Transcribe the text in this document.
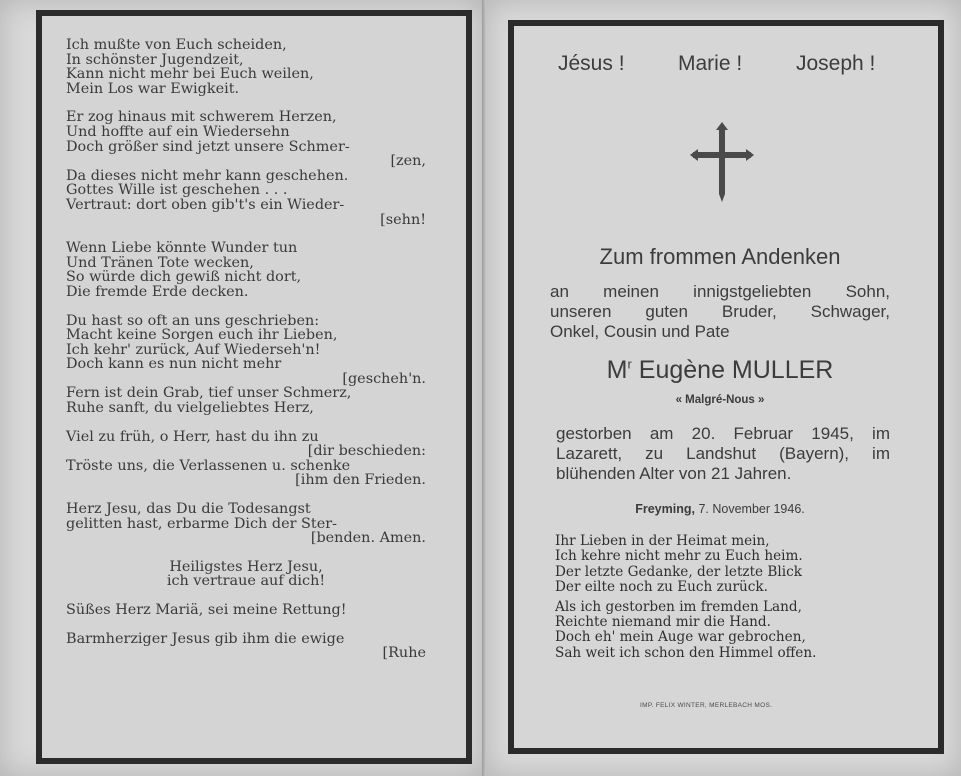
Ich mußte von Euch scheiden,
In schönster Jugendzeit,
Kann nicht mehr bei Euch weilen,
Mein Los war Ewigkeit.
Er zog hinaus mit schwerem Herzen,
Und hoffte auf ein Wiedersehn
Doch größer sind jetzt unsere Schmer-
[zen,
Da dieses nicht mehr kann geschehen.
Gottes Wille ist geschehen . . .
Vertraut: dort oben gib't's ein Wieder-
[sehn!
Wenn Liebe könnte Wunder tun
Und Tränen Tote wecken,
So würde dich gewiß nicht dort,
Die fremde Erde decken.
Du hast so oft an uns geschrieben:
Macht keine Sorgen euch ihr Lieben,
Ich kehr' zurück, Auf Wiederseh'n!
Doch kann es nun nicht mehr
[gescheh'n.
Fern ist dein Grab, tief unser Schmerz,
Ruhe sanft, du vielgeliebtes Herz,
Viel zu früh, o Herr, hast du ihn zu
[dir beschieden:
Tröste uns, die Verlassenen u. schenke
[ihm den Frieden.
Herz Jesu, das Du die Todesangst
gelitten hast, erbarme Dich der Ster-
[benden. Amen.
Heiligstes Herz Jesu,
ich vertraue auf dich!
Süßes Herz Mariä, sei meine Rettung!
Barmherziger Jesus gib ihm die ewige
[Ruhe
Jésus !	Marie !	Joseph !
Zum frommen Andenken
an meinen innigstgeliebten Sohn,
unseren guten Bruder, Schwager,
Onkel, Cousin und Pate
$M^r$ Eugène MULLER
« Malgré-Nous »
gestorben am 20. Februar 1945, im
Lazarett, zu Landshut (Bayern), im
blühenden Alter von 21 Jahren.
Freyming, 7. November 1946.
Ihr Lieben in der Heimat mein,
Ich kehre nicht mehr zu Euch heim.
Der letzte Gedanke, der letzte Blick
Der eilte noch zu Euch zurück.
Als ich gestorben im fremden Land,
Reichte niemand mir die Hand.
Doch eh' mein Auge war gebrochen,
Sah weit ich schon den Himmel offen.
IMP. FELIX WINTER, MERLEBACH MOS.
